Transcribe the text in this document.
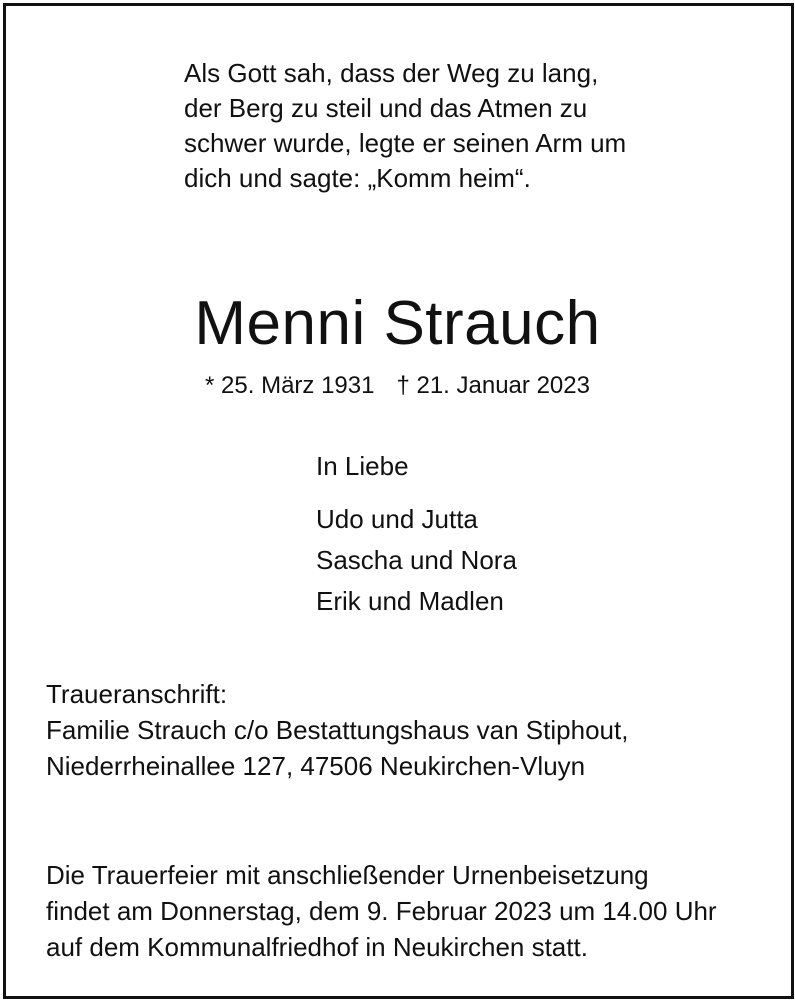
Als Gott sah, dass der Weg zu lang,
der Berg zu steil und das Atmen zu
schwer wurde, legte er seinen Arm um
dich und sagte: „Komm heim“.

Menni Strauch
* 25. März 1931 † 21. Januar 2023

In Liebe

Udo und Jutta
Sascha und Nora
Erik und Madlen

Traueranschrift:
Familie Strauch c/o Bestattungshaus van Stiphout,
Niederrheinallee 127, 47506 Neukirchen-Vluyn

Die Trauerfeier mit anschließender Urnenbeisetzung
findet am Donnerstag, dem 9. Februar 2023 um 14.00 Uhr
auf dem Kommunalfriedhof in Neukirchen statt.
